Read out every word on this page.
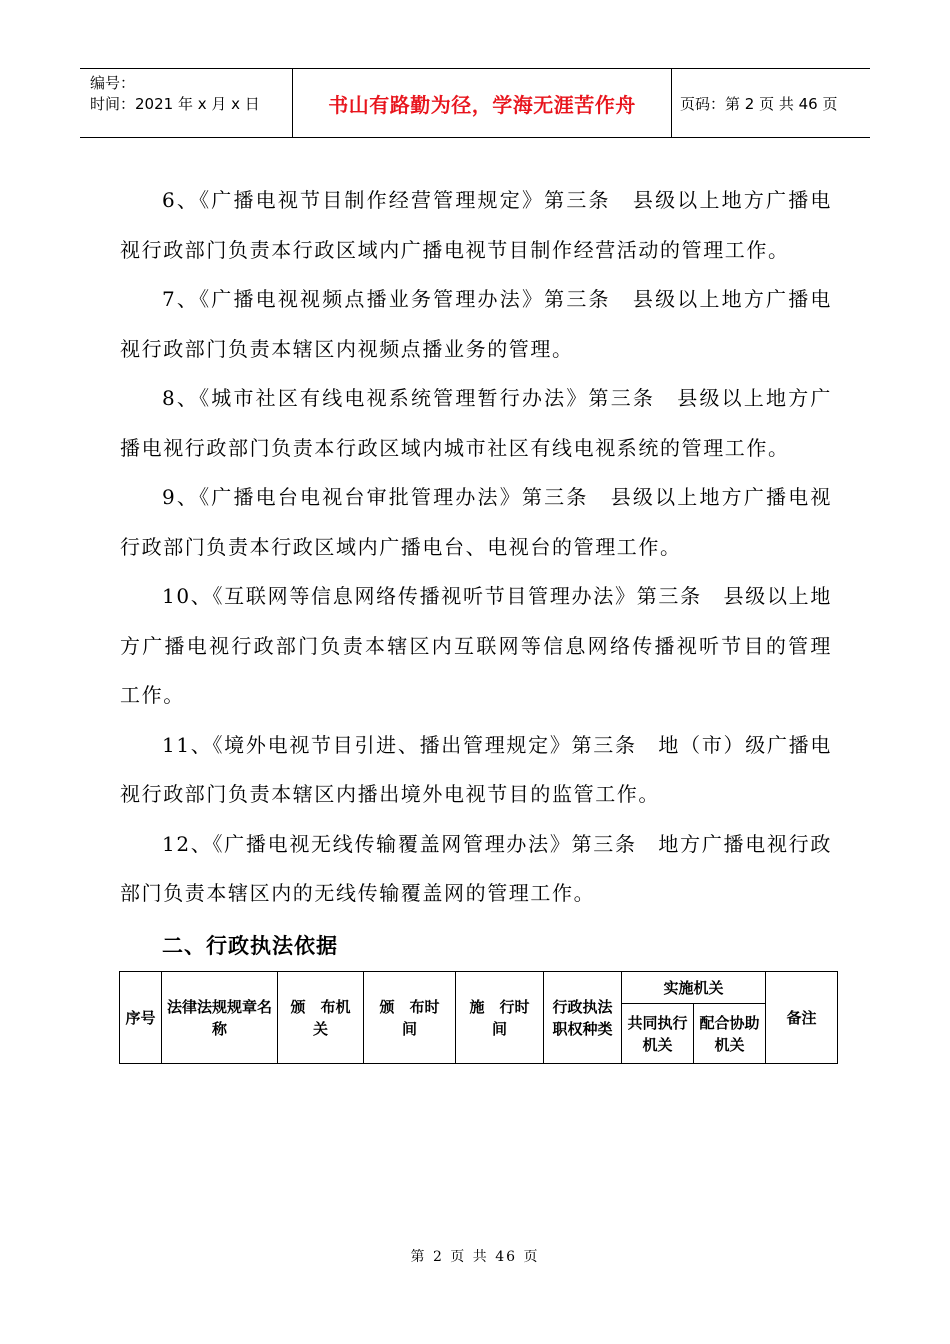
编号：
时间：2021 年 x 月 x 日	书山有路勤为径，学海无涯苦作舟	页码：第 2 页 共 46 页

6、《广播电视节目制作经营管理规定》第三条　县级以上地方广播电视行政部门负责本行政区域内广播电视节目制作经营活动的管理工作。

7、《广播电视视频点播业务管理办法》第三条　县级以上地方广播电视行政部门负责本辖区内视频点播业务的管理。

8、《城市社区有线电视系统管理暂行办法》第三条　县级以上地方广播电视行政部门负责本行政区域内城市社区有线电视系统的管理工作。

9、《广播电台电视台审批管理办法》第三条　县级以上地方广播电视行政部门负责本行政区域内广播电台、电视台的管理工作。

10、《互联网等信息网络传播视听节目管理办法》第三条　县级以上地方广播电视行政部门负责本辖区内互联网等信息网络传播视听节目的管理工作。

11、《境外电视节目引进、播出管理规定》第三条　地（市）级广播电视行政部门负责本辖区内播出境外电视节目的监管工作。

12、《广播电视无线传输覆盖网管理办法》第三条　地方广播电视行政部门负责本辖区内的无线传输覆盖网的管理工作。

二、行政执法依据
序号	法律法规规章名称	颁　布机　关	颁　布时　间	施　行时　间	行政执法职权种类	实施机关		备注
						共同执行机关	配合协助机关	
第 2 页 共 46 页
